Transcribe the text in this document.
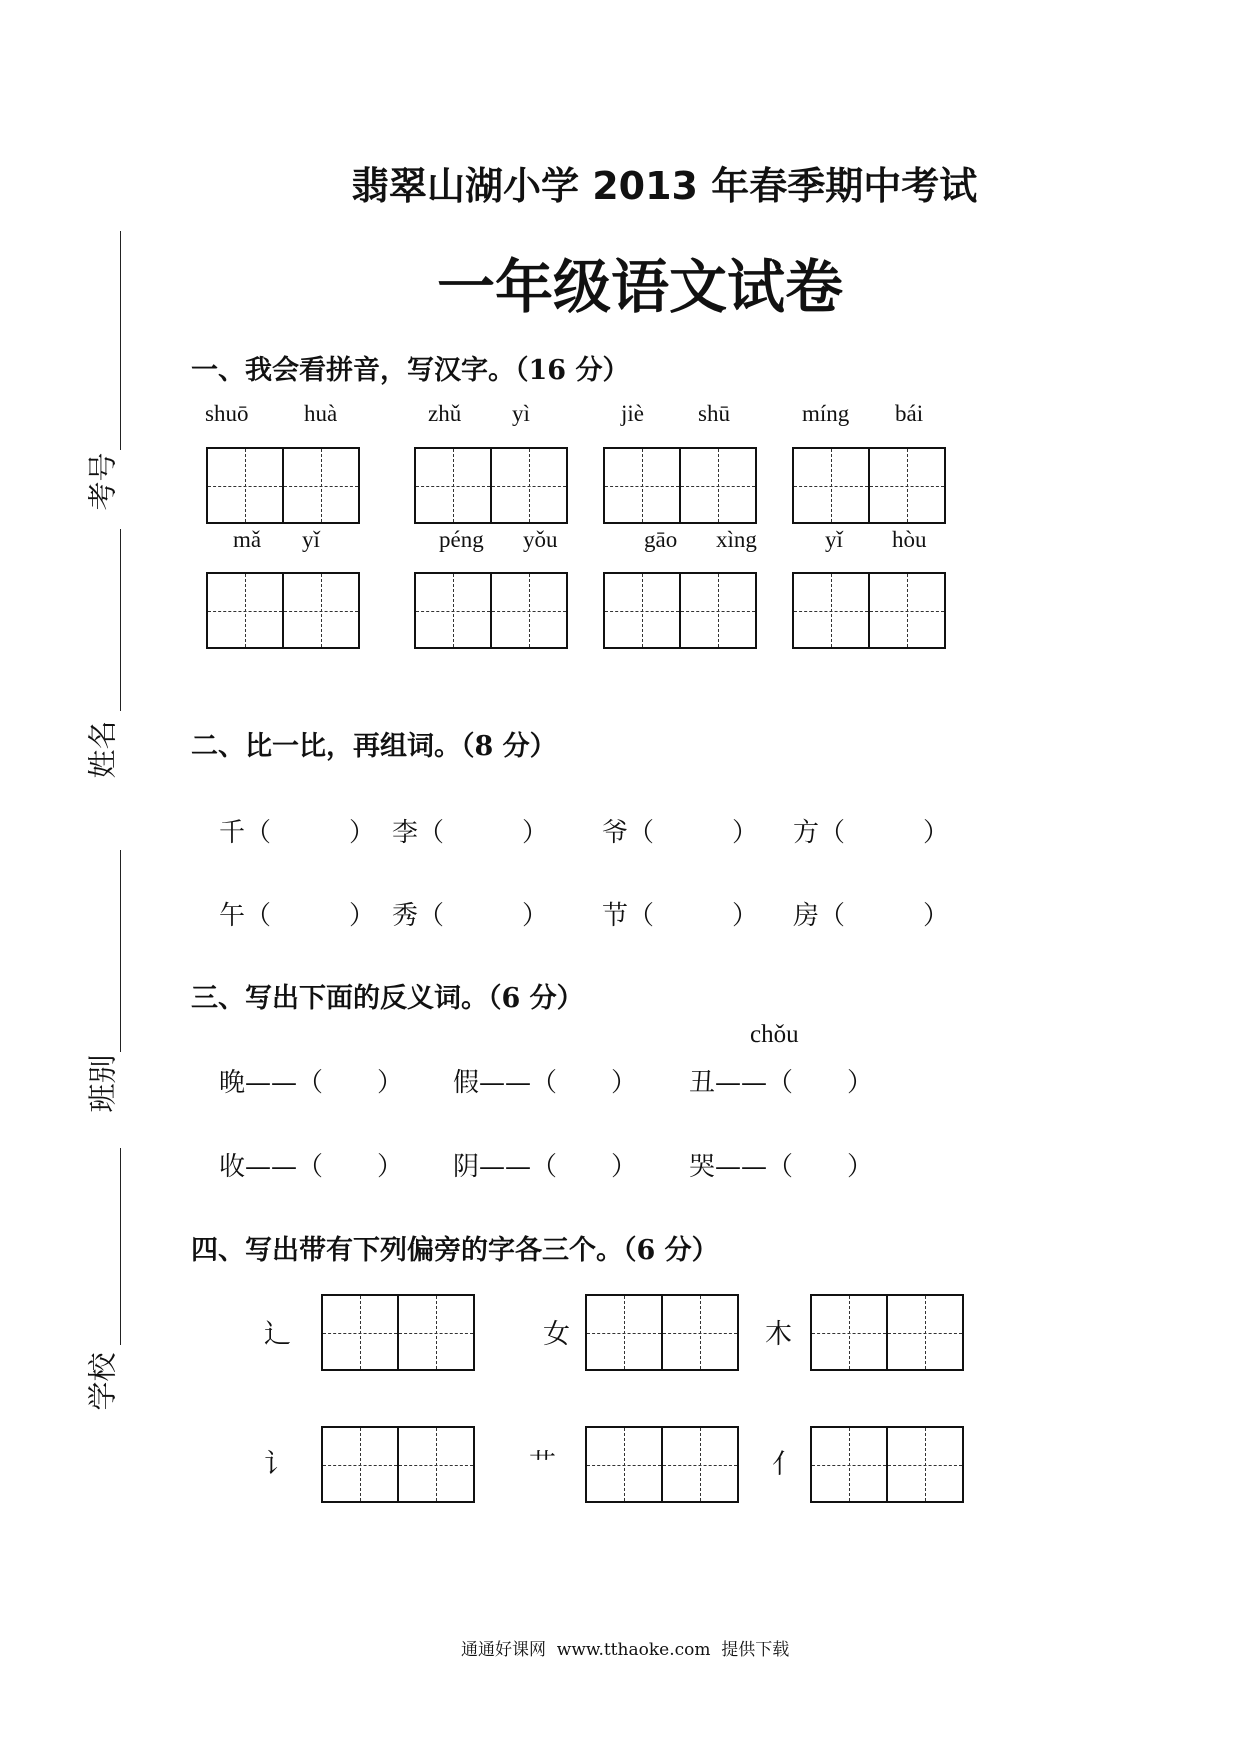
考号
姓名
班别
学校
翡翠山湖小学 2013 年春季期中考试
一年级语文试卷
一、我会看拼音，写汉字。（16 分）
shuō huà	zhǔ yì	jiè shū	míng bái
mǎ yǐ	péng yǒu	gāo xìng	yǐ hòu
二、比一比，再组词。（8 分）
千（	） 李（	） 爷（	） 方（	）
午（	） 秀（	） 节（	） 房（	）
三、写出下面的反义词。（6 分）
chǒu
晚——（ ） 假——（ ） 丑——（ ）
收——（ ） 阴——（ ） 哭——（ ）
四、写出带有下列偏旁的字各三个。（6 分）
辶	女	木
讠	艹	亻
通通好课网  www.tthaoke.com  提供下载
